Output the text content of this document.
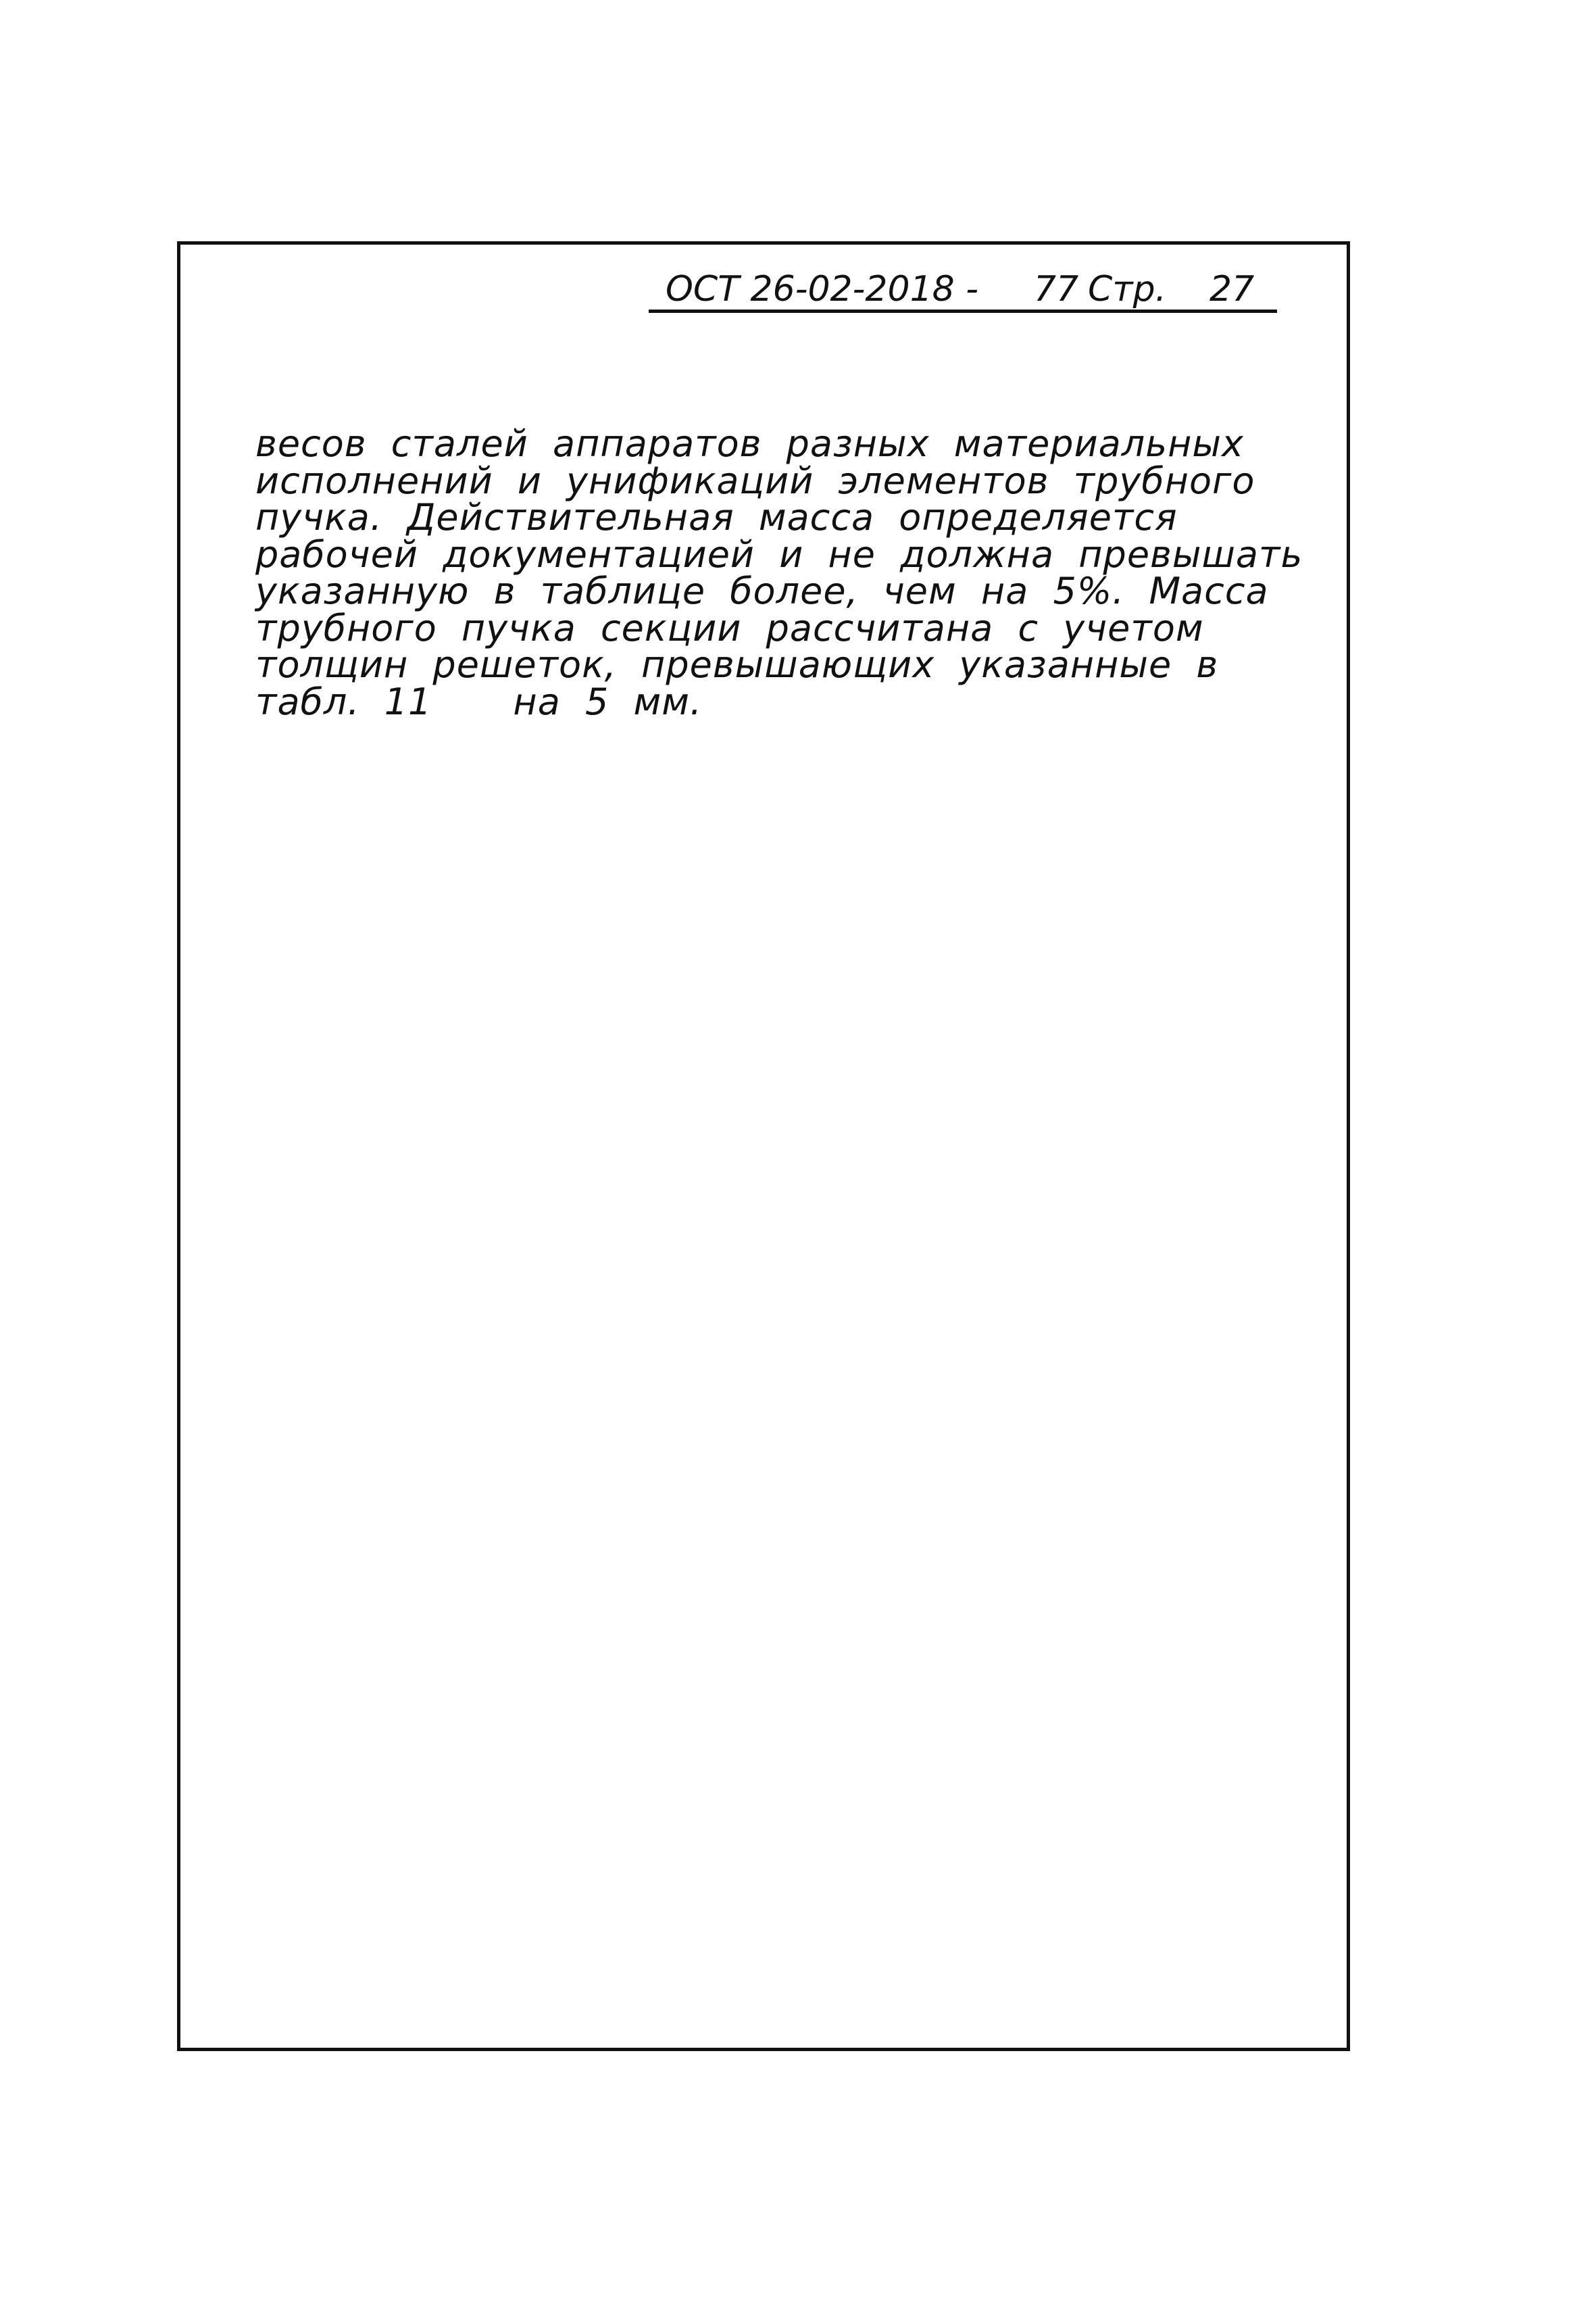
ОСТ 26-02-2018 - 77 Стр. 27
весов сталей аппаратов разных материальных
исполнений и унификаций элементов трубного
пучка. Действительная масса определяется
рабочей документацией и не должна превышать
указанную в таблице более, чем на 5%. Масса
трубного пучка секции рассчитана с учетом
толщин решеток, превышающих указанные в
табл. 11 на 5 мм.
